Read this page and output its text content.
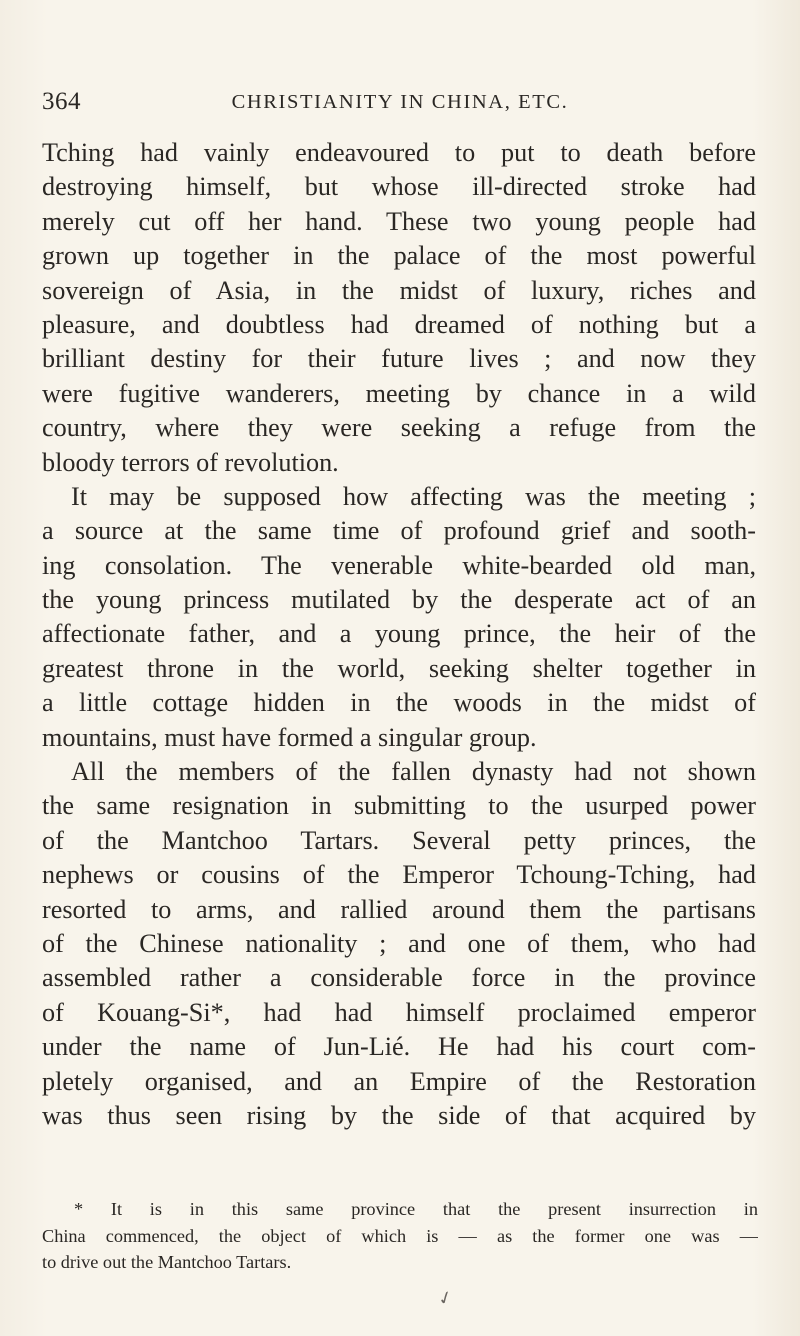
364	CHRISTIANITY IN CHINA, ETC.
Tching had vainly endeavoured to put to death before
destroying himself, but whose ill-directed stroke had
merely cut off her hand. These two young people had
grown up together in the palace of the most powerful
sovereign of Asia, in the midst of luxury, riches and
pleasure, and doubtless had dreamed of nothing but a
brilliant destiny for their future lives ; and now they
were fugitive wanderers, meeting by chance in a wild
country, where they were seeking a refuge from the
bloody terrors of revolution.
It may be supposed how affecting was the meeting ;
a source at the same time of profound grief and sooth-
ing consolation. The venerable white-bearded old man,
the young princess mutilated by the desperate act of an
affectionate father, and a young prince, the heir of the
greatest throne in the world, seeking shelter together in
a little cottage hidden in the woods in the midst of
mountains, must have formed a singular group.
All the members of the fallen dynasty had not shown
the same resignation in submitting to the usurped power
of the Mantchoo Tartars. Several petty princes, the
nephews or cousins of the Emperor Tchoung-Tching, had
resorted to arms, and rallied around them the partisans
of the Chinese nationality ; and one of them, who had
assembled rather a considerable force in the province
of Kouang-Si*, had had himself proclaimed emperor
under the name of Jun-Lié. He had his court com-
pletely organised, and an Empire of the Restoration
was thus seen rising by the side of that acquired by
* It is in this same province that the present insurrection in
China commenced, the object of which is — as the former one was —
to drive out the Mantchoo Tartars.
✓
